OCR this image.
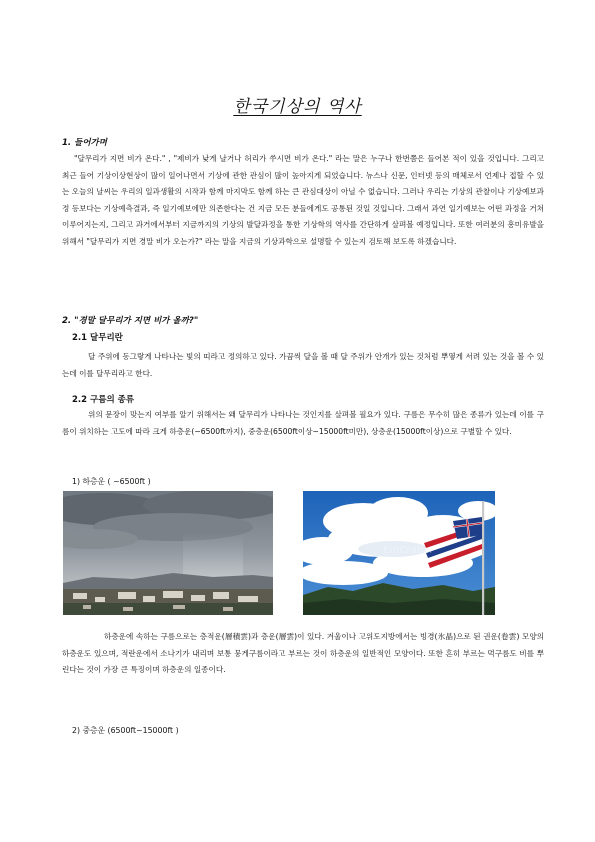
한국기상의 역사
1. 들어가며
"달무리가 지면 비가 온다." , "제비가 낮게 날거나 허리가 쑤시면 비가 온다." 라는 말은 누구나 한번쯤은 들어본 적이 있을 것입니다. 그리고 최근 들어 기상이상현상이 많이 일어나면서 기상에 관한 관심이 많이 높아지게 되었습니다. 뉴스나 신문, 인터넷 등의 매체로서 언제나 접할 수 있는 오늘의 날씨는 우리의 일과생활의 시작과 함께 마지막도 함께 하는 큰 관심대상이 아닐 수 없습니다. 그러나 우리는 기상의 관찰이나 기상예보과정 등보다는 기상예측결과, 즉 일기예보에만 의존한다는 건 지금 모든 분들에게도 공통된 것일 것입니다. 그래서 과연 일기예보는 어떤 과정을 거쳐 이루어지는지, 그리고 과거에서부터 지금까지의 기상의 발달과정을 통한 기상학의 역사를 간단하게 살펴볼 예정입니다. 또한 여러분의 흥미유발을 위해서 "달무리가 지면 경말 비가 오는가?" 라는 말을 지금의 기상과학으로 설명할 수 있는지 검토해 보도록 하겠습니다.
2. "경말 달무리가 지면 비가 올까?"
2.1 달무리란
달 주위에 동그랗게 나타나는 빛의 띠라고 정의하고 있다. 가끔씩 달을 볼 때 달 주위가 안개가 있는 것처럼 뿌옇게 서려 있는 것을 볼 수 있는데 이를 달무리라고 한다.
2.2 구름의 종류
위의 문장이 맞는지 여부를 알기 위해서는 왜 달무리가 나타나는 것인지를 살펴볼 필요가 있다. 구름은 무수히 많은 종류가 있는데 이를 구름이 위치하는 고도에 따라 크게 하층운(~6500ft까지), 중층운(6500ft이상~15000ft미만), 상층운(15000ft이상)으로 구별할 수 있다.
1) 하층운 ( ~6500ft )
ErnCraber
하층운에 속하는 구름으로는 층적운(層積雲)과 층운(層雲)이 있다. 겨울이나 고위도지방에서는 빙경(氷晶)으로 된 권운(卷雲) 모양의 하층운도 있으며, 적란운에서 소나기가 내리며 보통 뭉게구름이라고 부르는 것이 하층운의 일반적인 모양이다. 또한 흔히 부르는 먹구름도 비를 뿌린다는 것이 가장 큰 특징이며 하층운의 일종이다.
2) 중층운 (6500ft~15000ft )
